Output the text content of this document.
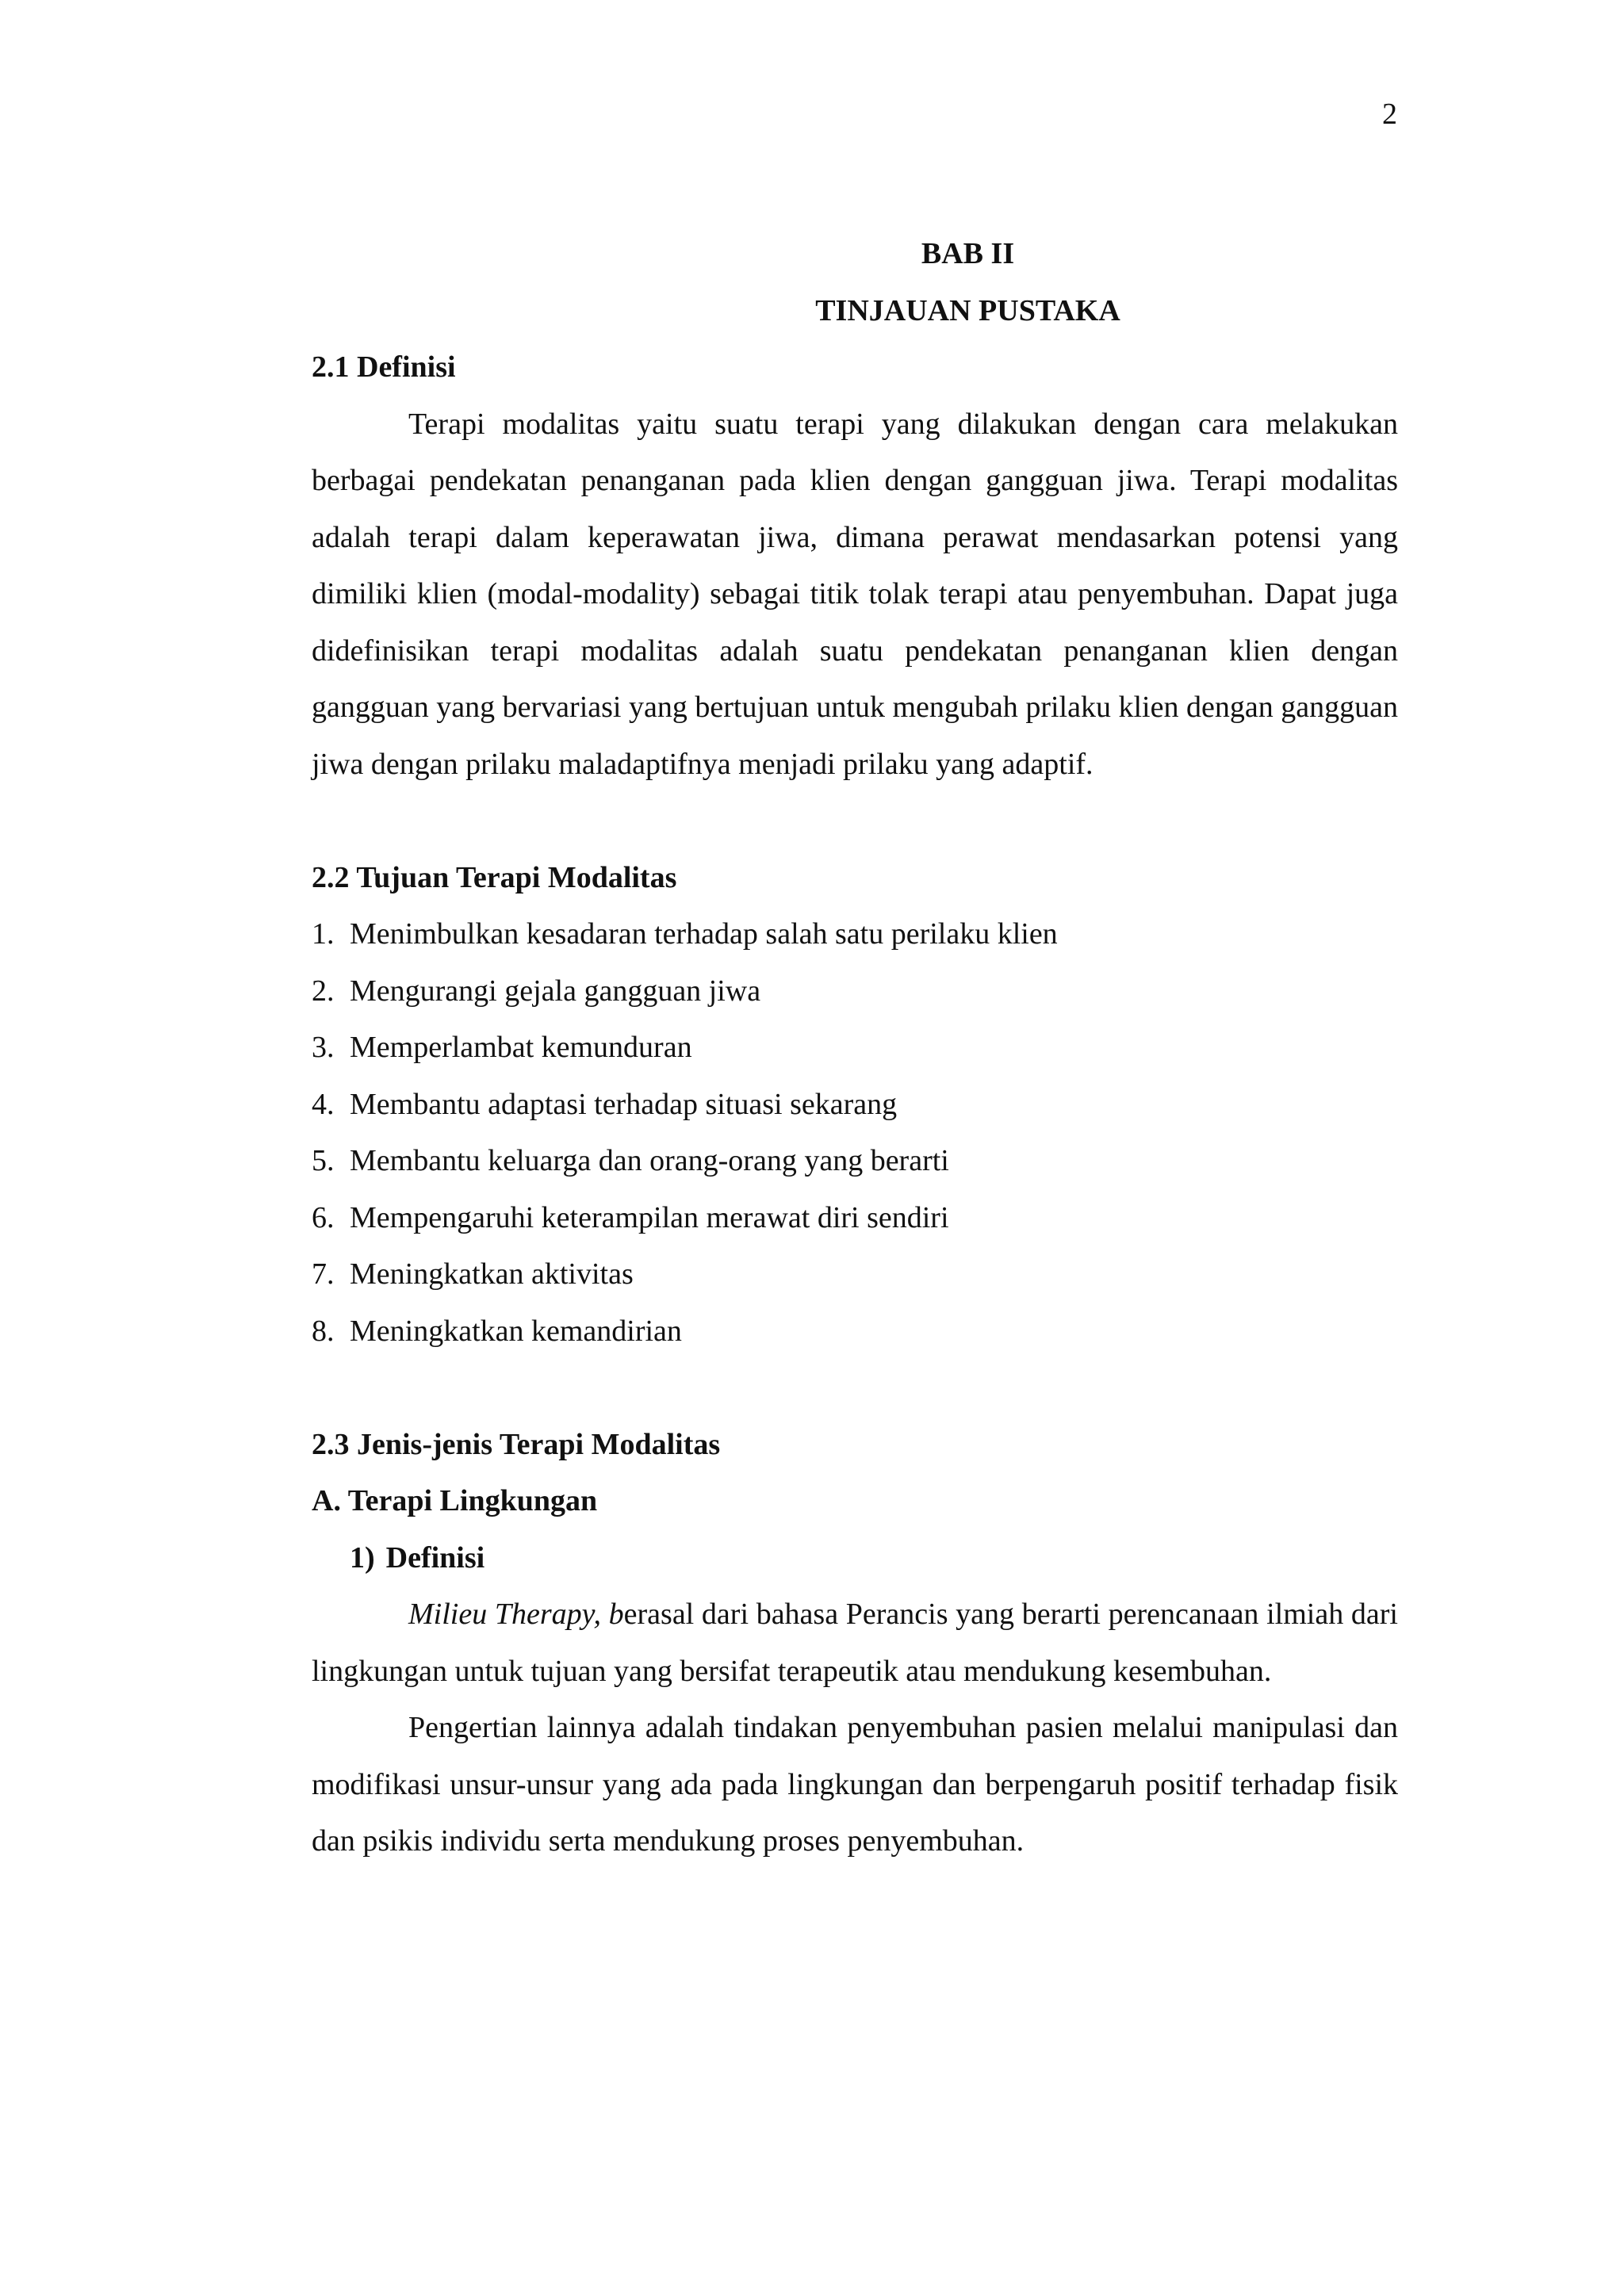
2
BAB II
TINJAUAN PUSTAKA
2.1 Definisi

Terapi modalitas yaitu suatu terapi yang dilakukan dengan cara melakukan berbagai pendekatan penanganan pada klien dengan gangguan jiwa. Terapi modalitas adalah terapi dalam keperawatan jiwa, dimana perawat mendasarkan potensi yang dimiliki klien (modal-modality) sebagai titik tolak terapi atau penyembuhan. Dapat juga didefinisikan terapi modalitas adalah suatu pendekatan penanganan klien dengan gangguan yang bervariasi yang bertujuan untuk mengubah prilaku klien dengan gangguan jiwa dengan prilaku maladaptifnya menjadi prilaku yang adaptif.

2.2 Tujuan Terapi Modalitas
1. Menimbulkan kesadaran terhadap salah satu perilaku klien
2. Mengurangi gejala gangguan jiwa
3. Memperlambat kemunduran
4. Membantu adaptasi terhadap situasi sekarang
5. Membantu keluarga dan orang-orang yang berarti
6. Mempengaruhi keterampilan merawat diri sendiri
7. Meningkatkan aktivitas
8. Meningkatkan kemandirian
2.3 Jenis-jenis Terapi Modalitas
A. Terapi Lingkungan
1) Definisi

Milieu Therapy, berasal dari bahasa Perancis yang berarti perencanaan ilmiah dari lingkungan untuk tujuan yang bersifat terapeutik atau mendukung kesembuhan.

Pengertian lainnya adalah tindakan penyembuhan pasien melalui manipulasi dan modifikasi unsur-unsur yang ada pada lingkungan dan berpengaruh positif terhadap fisik dan psikis individu serta mendukung proses penyembuhan.
